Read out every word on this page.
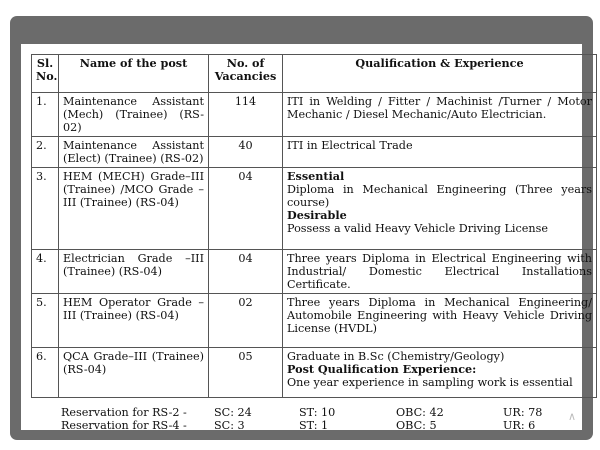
Sl. No.	Name of the post	No. of Vacancies	Qualification & Experience
1.	Maintenance Assistant (Mech) (Trainee) (RS-02)	114	ITI in Welding / Fitter / Machinist /Turner / Motor Mechanic / Diesel Mechanic/Auto Electrician.
2.	Maintenance Assistant (Elect) (Trainee) (RS-02)	40	ITI in Electrical Trade
3.	HEM (MECH) Grade–III (Trainee) /MCO Grade – III (Trainee) (RS-04)	04	Essential
Diploma in Mechanical Engineering (Three years course)
Desirable
Possess a valid Heavy Vehicle Driving License

4.	Electrician Grade –III (Trainee) (RS-04)	04	Three years Diploma in Electrical Engineering with Industrial/ Domestic Electrical Installations Certificate.
5.	HEM Operator Grade –III (Trainee) (RS-04)	02	Three years Diploma in Mechanical Engineering/ Automobile Engineering with Heavy Vehicle Driving License (HVDL)
6.	QCA Grade–III (Trainee) (RS-04)	05	Graduate in B.Sc (Chemistry/Geology)
Post Qualification Experience:
One year experience in sampling work is essential
Reservation for RS-2 - SC: 24	ST: 10	OBC: 42	UR: 78
Reservation for RS-4 - SC: 3	ST: 1	OBC: 5	UR: 6
∧
